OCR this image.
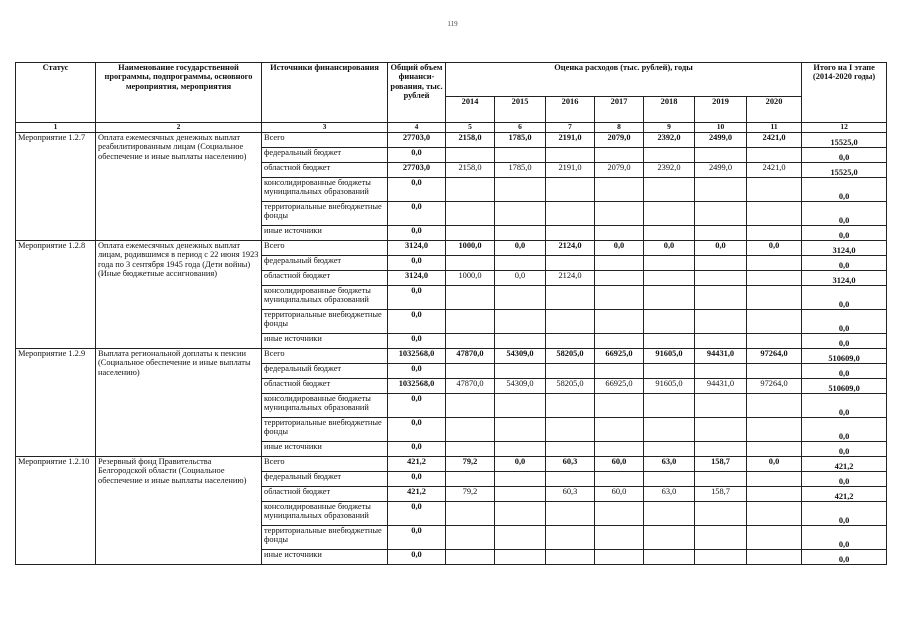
119
Статус	Наименование государственной программы, подпрограммы, основного мероприятия, мероприятия	Источники финансирования	Общий объем финанси-рования, тыс. рублей	Оценка расходов (тыс. рублей), годы							Итого на I этапе (2014-2020 годы)
				2014	2015	2016	2017	2018	2019	2020	
1	2	3	4	5	6	7	8	9	10	11	12
Мероприятие 1.2.7	Оплата ежемесячных денежных выплат реабилитированным лицам (Социальное обеспечение и иные выплаты населению)	Всего	27703,0	2158,0	1785,0	2191,0	2079,0	2392,0	2499,0	2421,0	15525,0
		федеральный бюджет	0,0								0,0
		областной бюджет	27703,0	2158,0	1785,0	2191,0	2079,0	2392,0	2499,0	2421,0	15525,0
		консолидированные бюджеты муниципальных образований	0,0								0,0
		территориальные внебюджетные фонды	0,0								0,0
		иные источники	0,0								0,0
Мероприятие 1.2.8	Оплата ежемесячных денежных выплат лицам, родившимся в период с 22 июня 1923 года по 3 сентября 1945 года (Дети войны) (Иные бюджетные ассигнования)	Всего	3124,0	1000,0	0,0	2124,0	0,0	0,0	0,0	0,0	3124,0
		федеральный бюджет	0,0								0,0
		областной бюджет	3124,0	1000,0	0,0	2124,0					3124,0
		консолидированные бюджеты муниципальных образований	0,0								0,0
		территориальные внебюджетные фонды	0,0								0,0
		иные источники	0,0								0,0
Мероприятие 1.2.9	Выплата региональной доплаты к пенсии (Социальное обеспечение и иные выплаты населению)	Всего	1032568,0	47870,0	54309,0	58205,0	66925,0	91605,0	94431,0	97264,0	510609,0
		федеральный бюджет	0,0								0,0
		областной бюджет	1032568,0	47870,0	54309,0	58205,0	66925,0	91605,0	94431,0	97264,0	510609,0
		консолидированные бюджеты муниципальных образований	0,0								0,0
		территориальные внебюджетные фонды	0,0								0,0
		иные источники	0,0								0,0
Мероприятие 1.2.10	Резервный фонд Правительства Белгородской области (Социальное обеспечение и иные выплаты населению)	Всего	421,2	79,2	0,0	60,3	60,0	63,0	158,7	0,0	421,2
		федеральный бюджет	0,0								0,0
		областной бюджет	421,2	79,2		60,3	60,0	63,0	158,7		421,2
		консолидированные бюджеты муниципальных образований	0,0								0,0
		территориальные внебюджетные фонды	0,0								0,0
		иные источники	0,0								0,0
